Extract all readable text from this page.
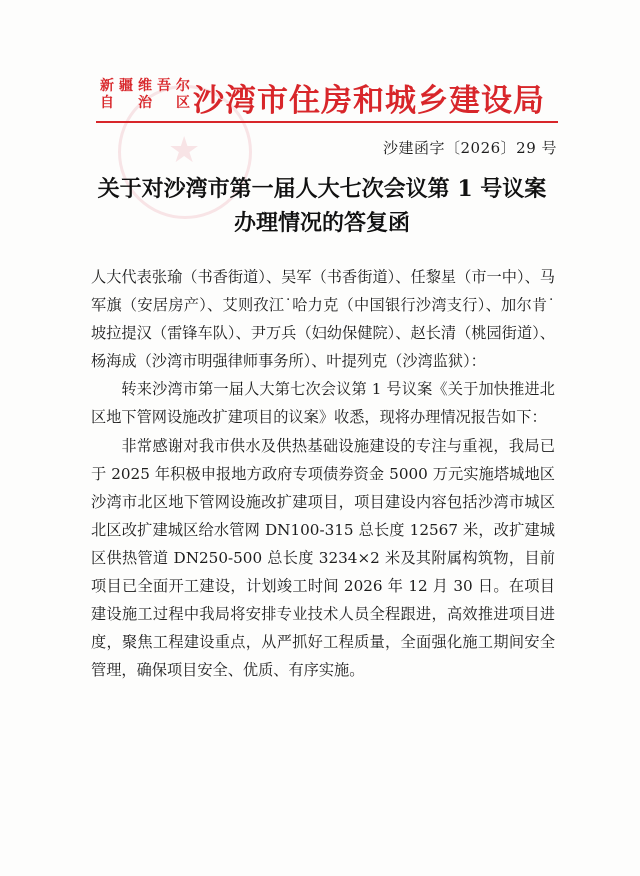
★
新疆维吾尔
自 治 区 沙湾市住房和城乡建设局
沙建函字〔2026〕29 号
关于对沙湾市第一届人大七次会议第 1 号议案
办理情况的答复函

人大代表张瑜（书香街道）、吴军（书香街道）、任黎星（市一中）、马军旗（安居房产）、艾则孜江˙哈力克（中国银行沙湾支行）、加尔肯˙坡拉提汉（雷锋车队）、尹万兵（妇幼保健院）、赵长清（桃园街道）、杨海成（沙湾市明强律师事务所）、叶提列克（沙湾监狱）：

转来沙湾市第一届人大第七次会议第 1 号议案《关于加快推进北区地下管网设施改扩建项目的议案》收悉，现将办理情况报告如下：

非常感谢对我市供水及供热基础设施建设的专注与重视，我局已于 2025 年积极申报地方政府专项债券资金 5000 万元实施塔城地区沙湾市北区地下管网设施改扩建项目，项目建设内容包括沙湾市城区北区改扩建城区给水管网 DN100-315 总长度 12567 米，改扩建城区供热管道 DN250-500 总长度 3234×2 米及其附属构筑物，目前项目已全面开工建设，计划竣工时间 2026 年 12 月 30 日。在项目建设施工过程中我局将安排专业技术人员全程跟进，高效推进项目进度，聚焦工程建设重点，从严抓好工程质量，全面强化施工期间安全管理，确保项目安全、优质、有序实施。
